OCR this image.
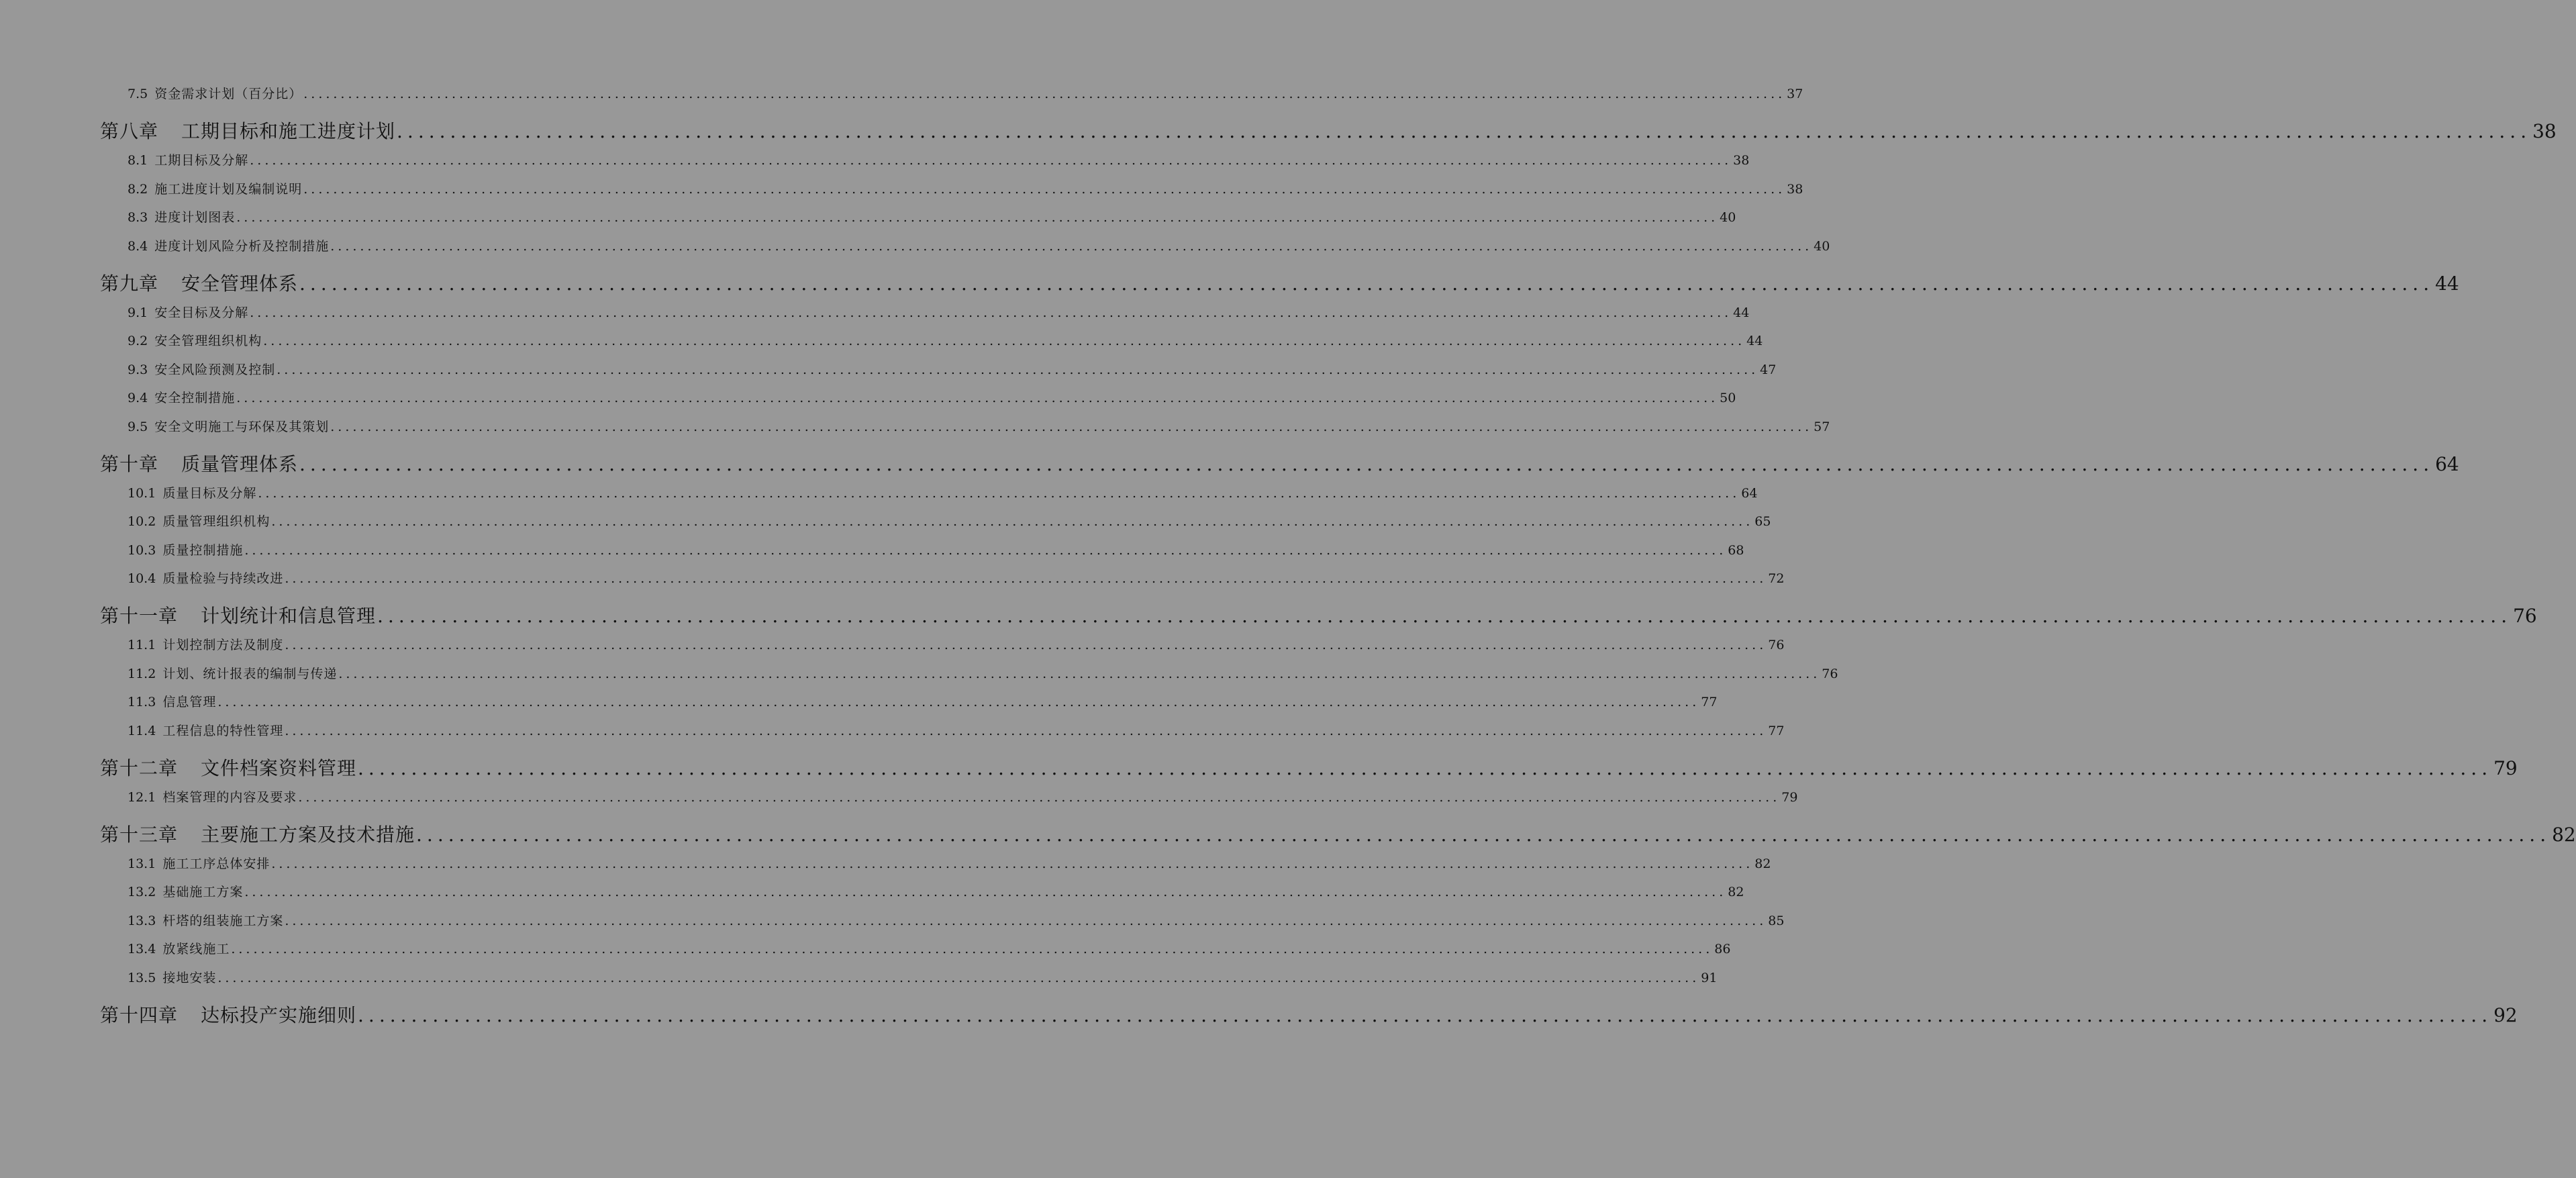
7.5 资金需求计划（百分比） ........................................................................................................................................................................................................ 37
第八章 工期目标和施工进度计划 ........................................................................................................................................................................................................ 38
8.1 工期目标及分解 ........................................................................................................................................................................................................ 38
8.2 施工进度计划及编制说明 ........................................................................................................................................................................................................ 38
8.3 进度计划图表 ........................................................................................................................................................................................................ 40
8.4 进度计划风险分析及控制措施 ........................................................................................................................................................................................................ 40
第九章 安全管理体系 ........................................................................................................................................................................................................ 44
9.1 安全目标及分解 ........................................................................................................................................................................................................ 44
9.2 安全管理组织机构 ........................................................................................................................................................................................................ 44
9.3 安全风险预测及控制 ........................................................................................................................................................................................................ 47
9.4 安全控制措施 ........................................................................................................................................................................................................ 50
9.5 安全文明施工与环保及其策划 ........................................................................................................................................................................................................ 57
第十章 质量管理体系 ........................................................................................................................................................................................................ 64
10.1 质量目标及分解 ........................................................................................................................................................................................................ 64
10.2 质量管理组织机构 ........................................................................................................................................................................................................ 65
10.3 质量控制措施 ........................................................................................................................................................................................................ 68
10.4 质量检验与持续改进 ........................................................................................................................................................................................................ 72
第十一章 计划统计和信息管理 ........................................................................................................................................................................................................ 76
11.1 计划控制方法及制度 ........................................................................................................................................................................................................ 76
11.2 计划、统计报表的编制与传递 ........................................................................................................................................................................................................ 76
11.3 信息管理 ........................................................................................................................................................................................................ 77
11.4 工程信息的特性管理 ........................................................................................................................................................................................................ 77
第十二章 文件档案资料管理 ........................................................................................................................................................................................................ 79
12.1 档案管理的内容及要求 ........................................................................................................................................................................................................ 79
第十三章 主要施工方案及技术措施 ........................................................................................................................................................................................................ 82
13.1 施工工序总体安排 ........................................................................................................................................................................................................ 82
13.2 基础施工方案 ........................................................................................................................................................................................................ 82
13.3 杆塔的组装施工方案 ........................................................................................................................................................................................................ 85
13.4 放紧线施工 ........................................................................................................................................................................................................ 86
13.5 接地安装 ........................................................................................................................................................................................................ 91
第十四章 达标投产实施细则 ........................................................................................................................................................................................................ 92
